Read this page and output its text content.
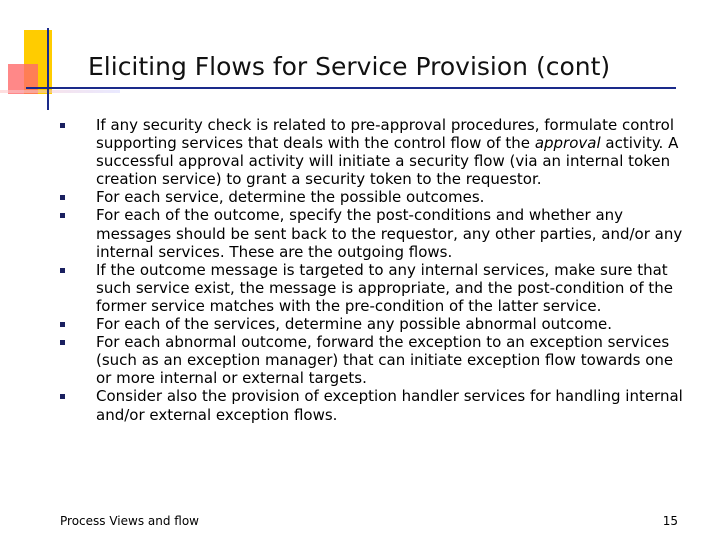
Eliciting Flows for Service Provision (cont)
If any security check is related to pre-approval procedures, formulate control supporting services that deals with the control flow of the approval activity. A successful approval activity will initiate a security flow (via an internal token creation service) to grant a security token to the requestor.
For each service, determine the possible outcomes.
For each of the outcome, specify the post-conditions and whether any messages should be sent back to the requestor, any other parties, and/or any internal services. These are the outgoing flows.
If the outcome message is targeted to any internal services, make sure that such service exist, the message is appropriate, and the post-condition of the former service matches with the pre-condition of the latter service.
For each of the services, determine any possible abnormal outcome.
For each abnormal outcome, forward the exception to an exception services (such as an exception manager) that can initiate exception flow towards one or more internal or external targets.
Consider also the provision of exception handler services for handling internal and/or external exception flows.
Process Views and flow	15
